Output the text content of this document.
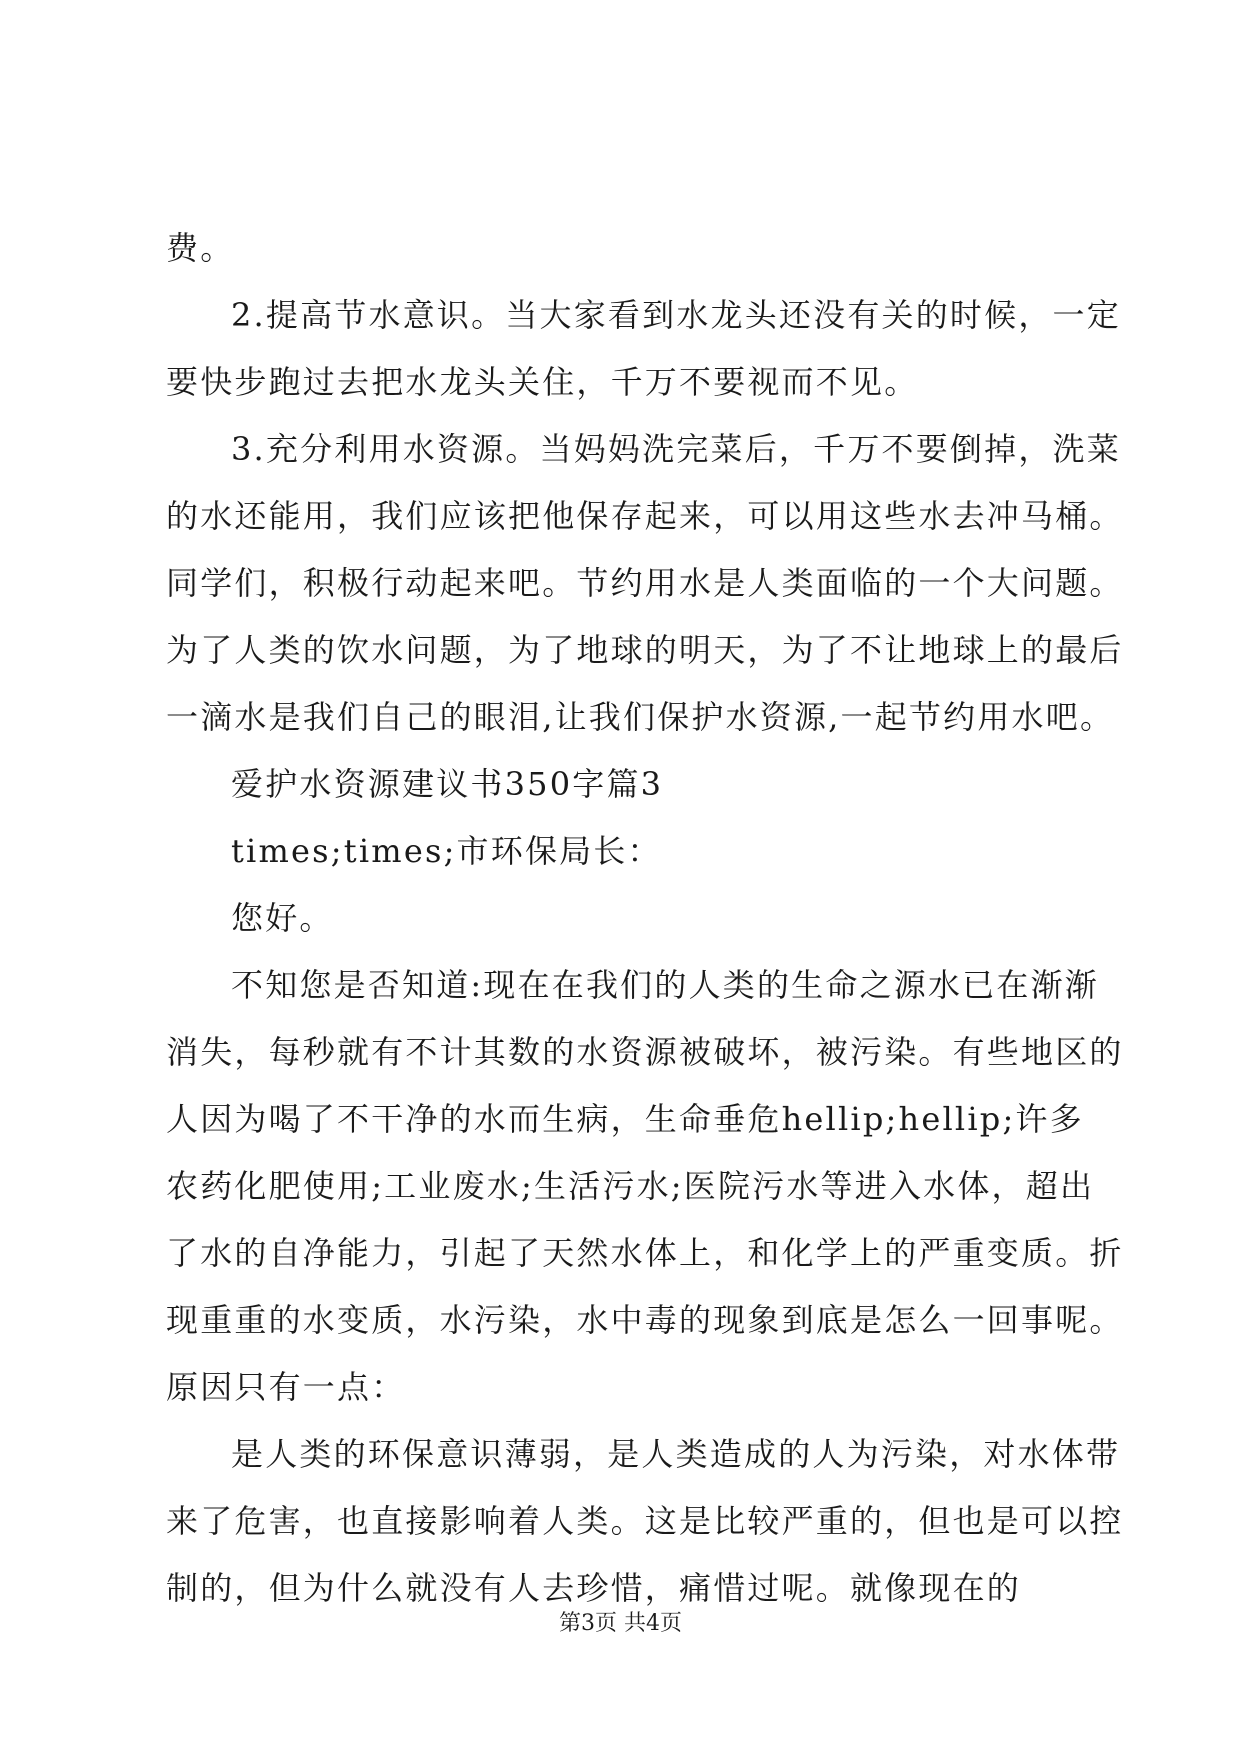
费。
2.提高节水意识。当大家看到水龙头还没有关的时候，一定
要快步跑过去把水龙头关住，千万不要视而不见。
3.充分利用水资源。当妈妈洗完菜后，千万不要倒掉，洗菜
的水还能用，我们应该把他保存起来，可以用这些水去冲马桶。
同学们，积极行动起来吧。节约用水是人类面临的一个大问题。
为了人类的饮水问题，为了地球的明天，为了不让地球上的最后
一滴水是我们自己的眼泪,让我们保护水资源,一起节约用水吧。
爱护水资源建议书350字篇3
times;times;市环保局长：
您好。
不知您是否知道:现在在我们的人类的生命之源水已在渐渐
消失，每秒就有不计其数的水资源被破坏，被污染。有些地区的
人因为喝了不干净的水而生病，生命垂危hellip;hellip;许多
农药化肥使用;工业废水;生活污水;医院污水等进入水体，超出
了水的自净能力，引起了天然水体上，和化学上的严重变质。折
现重重的水变质，水污染，水中毒的现象到底是怎么一回事呢。
原因只有一点：
是人类的环保意识薄弱，是人类造成的人为污染，对水体带
来了危害，也直接影响着人类。这是比较严重的，但也是可以控
制的，但为什么就没有人去珍惜，痛惜过呢。就像现在的
第3页 共4页
